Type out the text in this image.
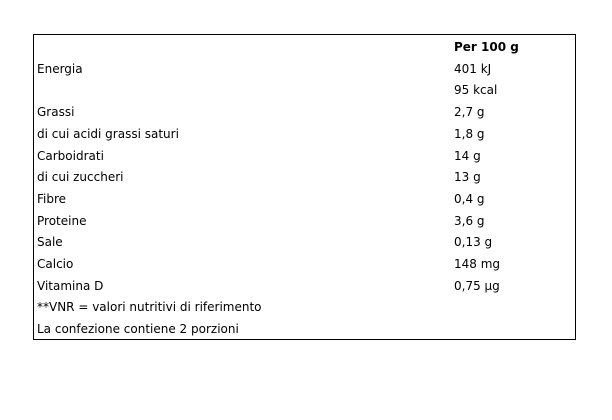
Per 100 g
Energia	401 kJ
95 kcal
Grassi	2,7 g
di cui acidi grassi saturi	1,8 g
Carboidrati	14 g
di cui zuccheri	13 g
Fibre	0,4 g
Proteine	3,6 g
Sale	0,13 g
Calcio	148 mg
Vitamina D	0,75 µg
**VNR = valori nutritivi di riferimento
La confezione contiene 2 porzioni
